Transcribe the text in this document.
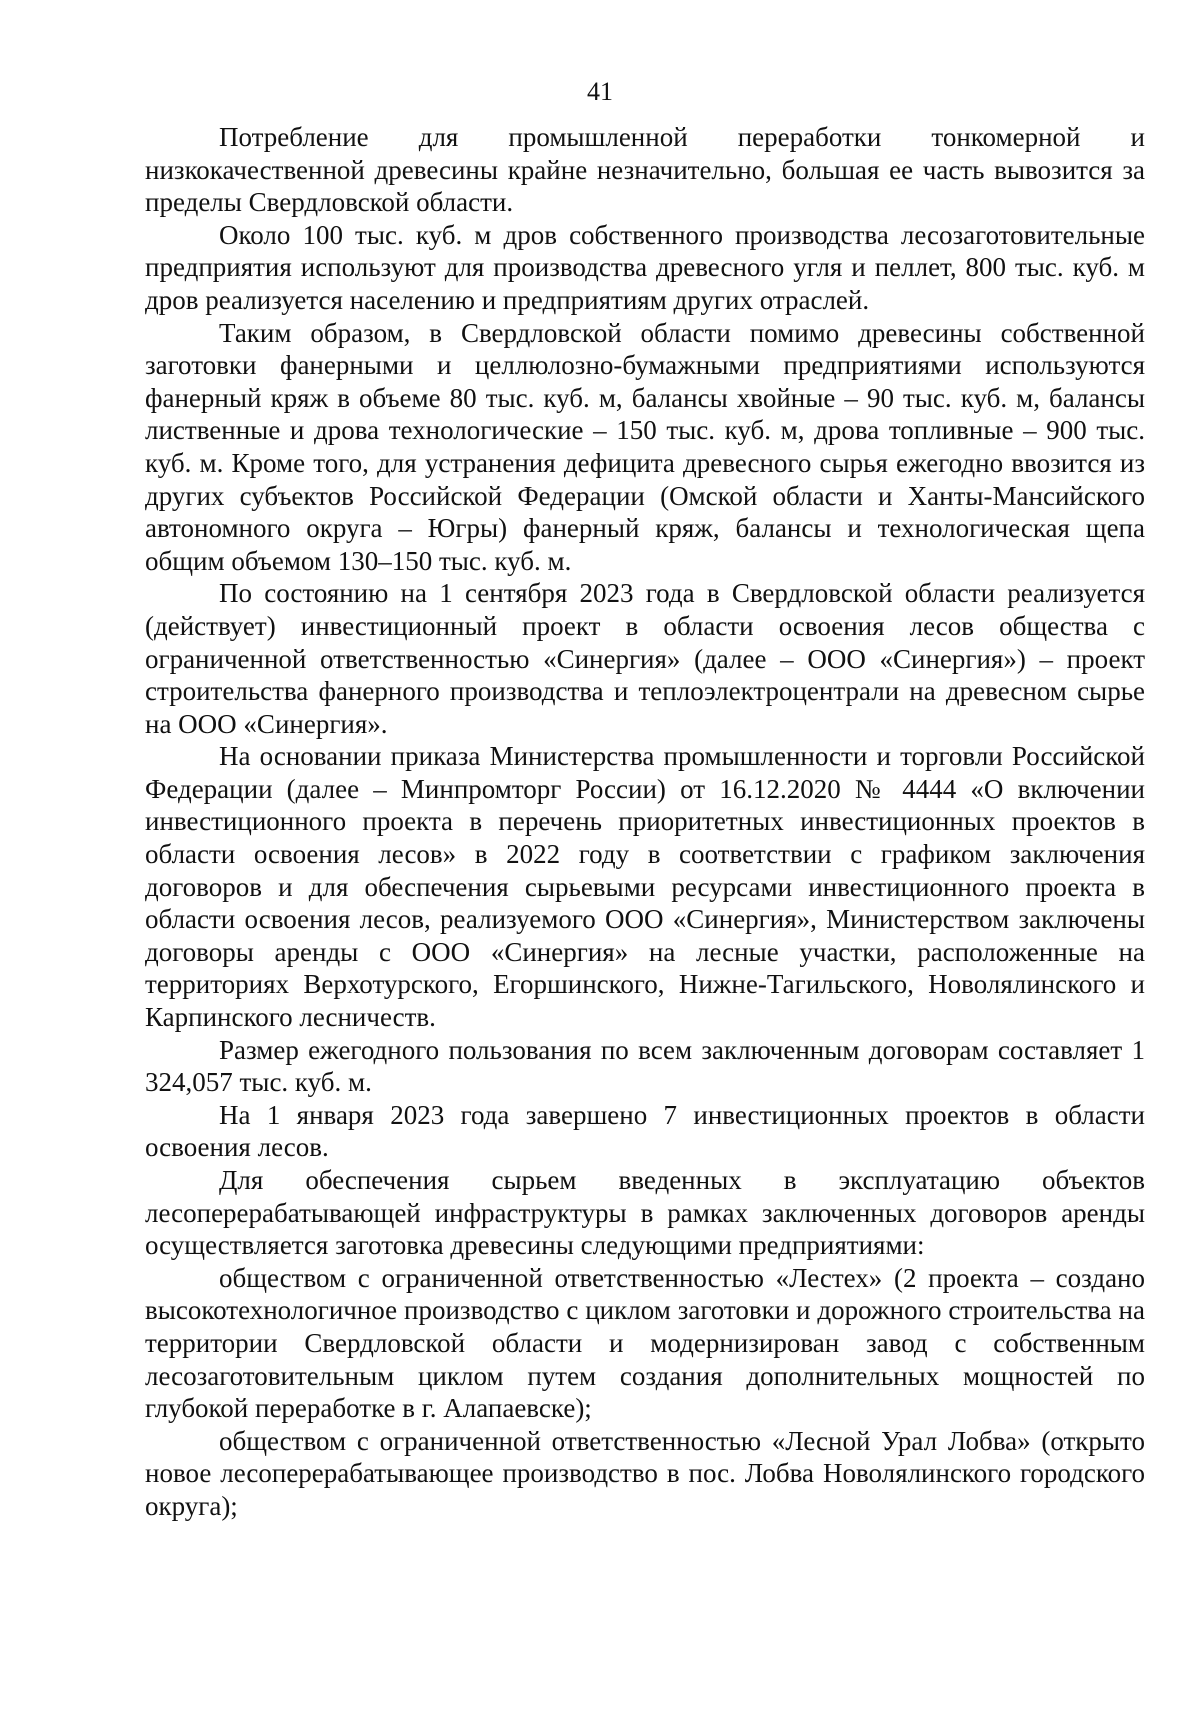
41

Потребление для промышленной переработки тонкомерной и низкокачественной древесины крайне незначительно, большая ее часть вывозится за пределы Свердловской области.

Около 100 тыс. куб. м дров собственного производства лесозаготовительные предприятия используют для производства древесного угля и пеллет, 800 тыс. куб. м дров реализуется населению и предприятиям других отраслей.

Таким образом, в Свердловской области помимо древесины собственной заготовки фанерными и целлюлозно-бумажными предприятиями используются фанерный кряж в объеме 80 тыс. куб. м, балансы хвойные – 90 тыс. куб. м, балансы лиственные и дрова технологические – 150 тыс. куб. м, дрова топливные – 900 тыс. куб. м. Кроме того, для устранения дефицита древесного сырья ежегодно ввозится из других субъектов Российской Федерации (Омской области и Ханты-Мансийского автономного округа – Югры) фанерный кряж, балансы и технологическая щепа общим объемом 130–150 тыс. куб. м.

По состоянию на 1 сентября 2023 года в Свердловской области реализуется (действует) инвестиционный проект в области освоения лесов общества с ограниченной ответственностью «Синергия» (далее – ООО «Синергия») – проект строительства фанерного производства и теплоэлектроцентрали на древесном сырье на ООО «Синергия».

На основании приказа Министерства промышленности и торговли Российской Федерации (далее – Минпромторг России) от 16.12.2020 № 4444 «О включении инвестиционного проекта в перечень приоритетных инвестиционных проектов в области освоения лесов» в 2022 году в соответствии с графиком заключения договоров и для обеспечения сырьевыми ресурсами инвестиционного проекта в области освоения лесов, реализуемого ООО «Синергия», Министерством заключены договоры аренды с ООО «Синергия» на лесные участки, расположенные на территориях Верхотурского, Егоршинского, Нижне-Тагильского, Новолялинского и Карпинского лесничеств.

Размер ежегодного пользования по всем заключенным договорам составляет 1 324,057 тыс. куб. м.

На 1 января 2023 года завершено 7 инвестиционных проектов в области освоения лесов.

Для обеспечения сырьем введенных в эксплуатацию объектов лесоперерабатывающей инфраструктуры в рамках заключенных договоров аренды осуществляется заготовка древесины следующими предприятиями:

обществом с ограниченной ответственностью «Лестех» (2 проекта – создано высокотехнологичное производство с циклом заготовки и дорожного строительства на территории Свердловской области и модернизирован завод с собственным лесозаготовительным циклом путем создания дополнительных мощностей по глубокой переработке в г. Алапаевске);

обществом с ограниченной ответственностью «Лесной Урал Лобва» (открыто новое лесоперерабатывающее производство в пос. Лобва Новолялинского городского округа);
